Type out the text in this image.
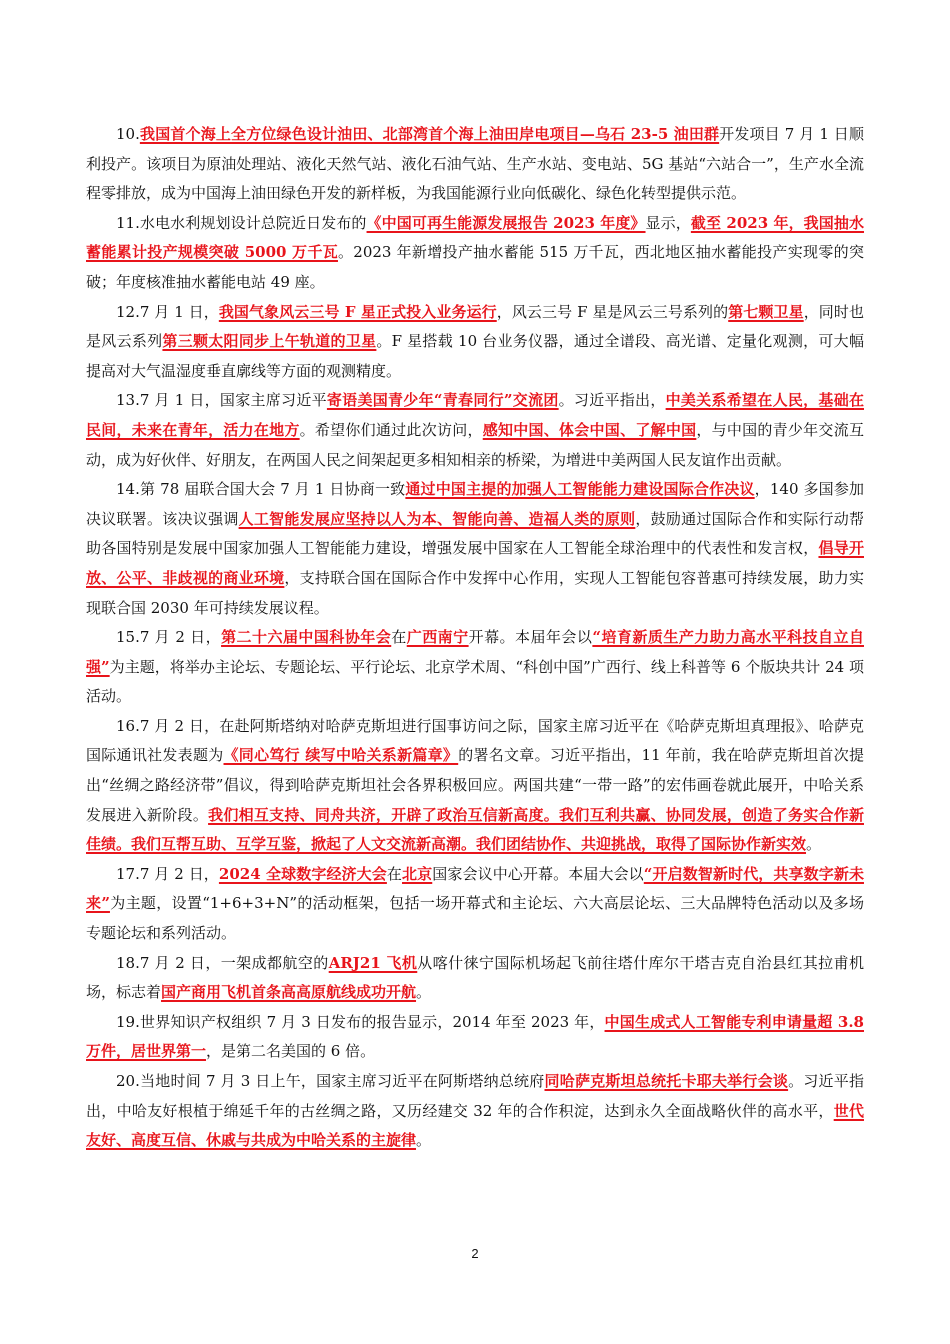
10.我国首个海上全方位绿色设计油田、北部湾首个海上油田岸电项目—乌石 23-5 油田群开发项目 7 月 1 日顺利投产。该项目为原油处理站、液化天然气站、液化石油气站、生产水站、变电站、5G 基站“六站合一”，生产水全流程零排放，成为中国海上油田绿色开发的新样板，为我国能源行业向低碳化、绿色化转型提供示范。

11.水电水利规划设计总院近日发布的《中国可再生能源发展报告 2023 年度》显示，截至 2023 年，我国抽水蓄能累计投产规模突破 5000 万千瓦。2023 年新增投产抽水蓄能 515 万千瓦，西北地区抽水蓄能投产实现零的突破；年度核准抽水蓄能电站 49 座。

12.7 月 1 日，我国气象风云三号 F 星正式投入业务运行，风云三号 F 星是风云三号系列的第七颗卫星，同时也是风云系列第三颗太阳同步上午轨道的卫星。F 星搭载 10 台业务仪器，通过全谱段、高光谱、定量化观测，可大幅提高对大气温湿度垂直廓线等方面的观测精度。

13.7 月 1 日，国家主席习近平寄语美国青少年“青春同行”交流团。习近平指出，中美关系希望在人民，基础在民间，未来在青年，活力在地方。希望你们通过此次访问，感知中国、体会中国、了解中国，与中国的青少年交流互动，成为好伙伴、好朋友，在两国人民之间架起更多相知相亲的桥梁，为增进中美两国人民友谊作出贡献。

14.第 78 届联合国大会 7 月 1 日协商一致通过中国主提的加强人工智能能力建设国际合作决议，140 多国参加决议联署。该决议强调人工智能发展应坚持以人为本、智能向善、造福人类的原则，鼓励通过国际合作和实际行动帮助各国特别是发展中国家加强人工智能能力建设，增强发展中国家在人工智能全球治理中的代表性和发言权，倡导开放、公平、非歧视的商业环境，支持联合国在国际合作中发挥中心作用，实现人工智能包容普惠可持续发展，助力实现联合国 2030 年可持续发展议程。

15.7 月 2 日，第二十六届中国科协年会在广西南宁开幕。本届年会以“培育新质生产力助力高水平科技自立自强”为主题，将举办主论坛、专题论坛、平行论坛、北京学术周、“科创中国”广西行、线上科普等 6 个版块共计 24 项活动。

16.7 月 2 日，在赴阿斯塔纳对哈萨克斯坦进行国事访问之际，国家主席习近平在《哈萨克斯坦真理报》、哈萨克国际通讯社发表题为《同心笃行 续写中哈关系新篇章》的署名文章。习近平指出，11 年前，我在哈萨克斯坦首次提出“丝绸之路经济带”倡议，得到哈萨克斯坦社会各界积极回应。两国共建“一带一路”的宏伟画卷就此展开，中哈关系发展进入新阶段。我们相互支持、同舟共济，开辟了政治互信新高度。我们互利共赢、协同发展，创造了务实合作新佳绩。我们互帮互助、互学互鉴，掀起了人文交流新高潮。我们团结协作、共迎挑战，取得了国际协作新实效。

17.7 月 2 日，2024 全球数字经济大会在北京国家会议中心开幕。本届大会以“开启数智新时代，共享数字新未来”为主题，设置“1+6+3+N”的活动框架，包括一场开幕式和主论坛、六大高层论坛、三大品牌特色活动以及多场专题论坛和系列活动。

18.7 月 2 日，一架成都航空的ARJ21 飞机从喀什徕宁国际机场起飞前往塔什库尔干塔吉克自治县红其拉甫机场，标志着国产商用飞机首条高高原航线成功开航。

19.世界知识产权组织 7 月 3 日发布的报告显示，2014 年至 2023 年，中国生成式人工智能专利申请量超 3.8 万件，居世界第一，是第二名美国的 6 倍。

20.当地时间 7 月 3 日上午，国家主席习近平在阿斯塔纳总统府同哈萨克斯坦总统托卡耶夫举行会谈。习近平指出，中哈友好根植于绵延千年的古丝绸之路，又历经建交 32 年的合作积淀，达到永久全面战略伙伴的高水平，世代友好、高度互信、休戚与共成为中哈关系的主旋律。

2
